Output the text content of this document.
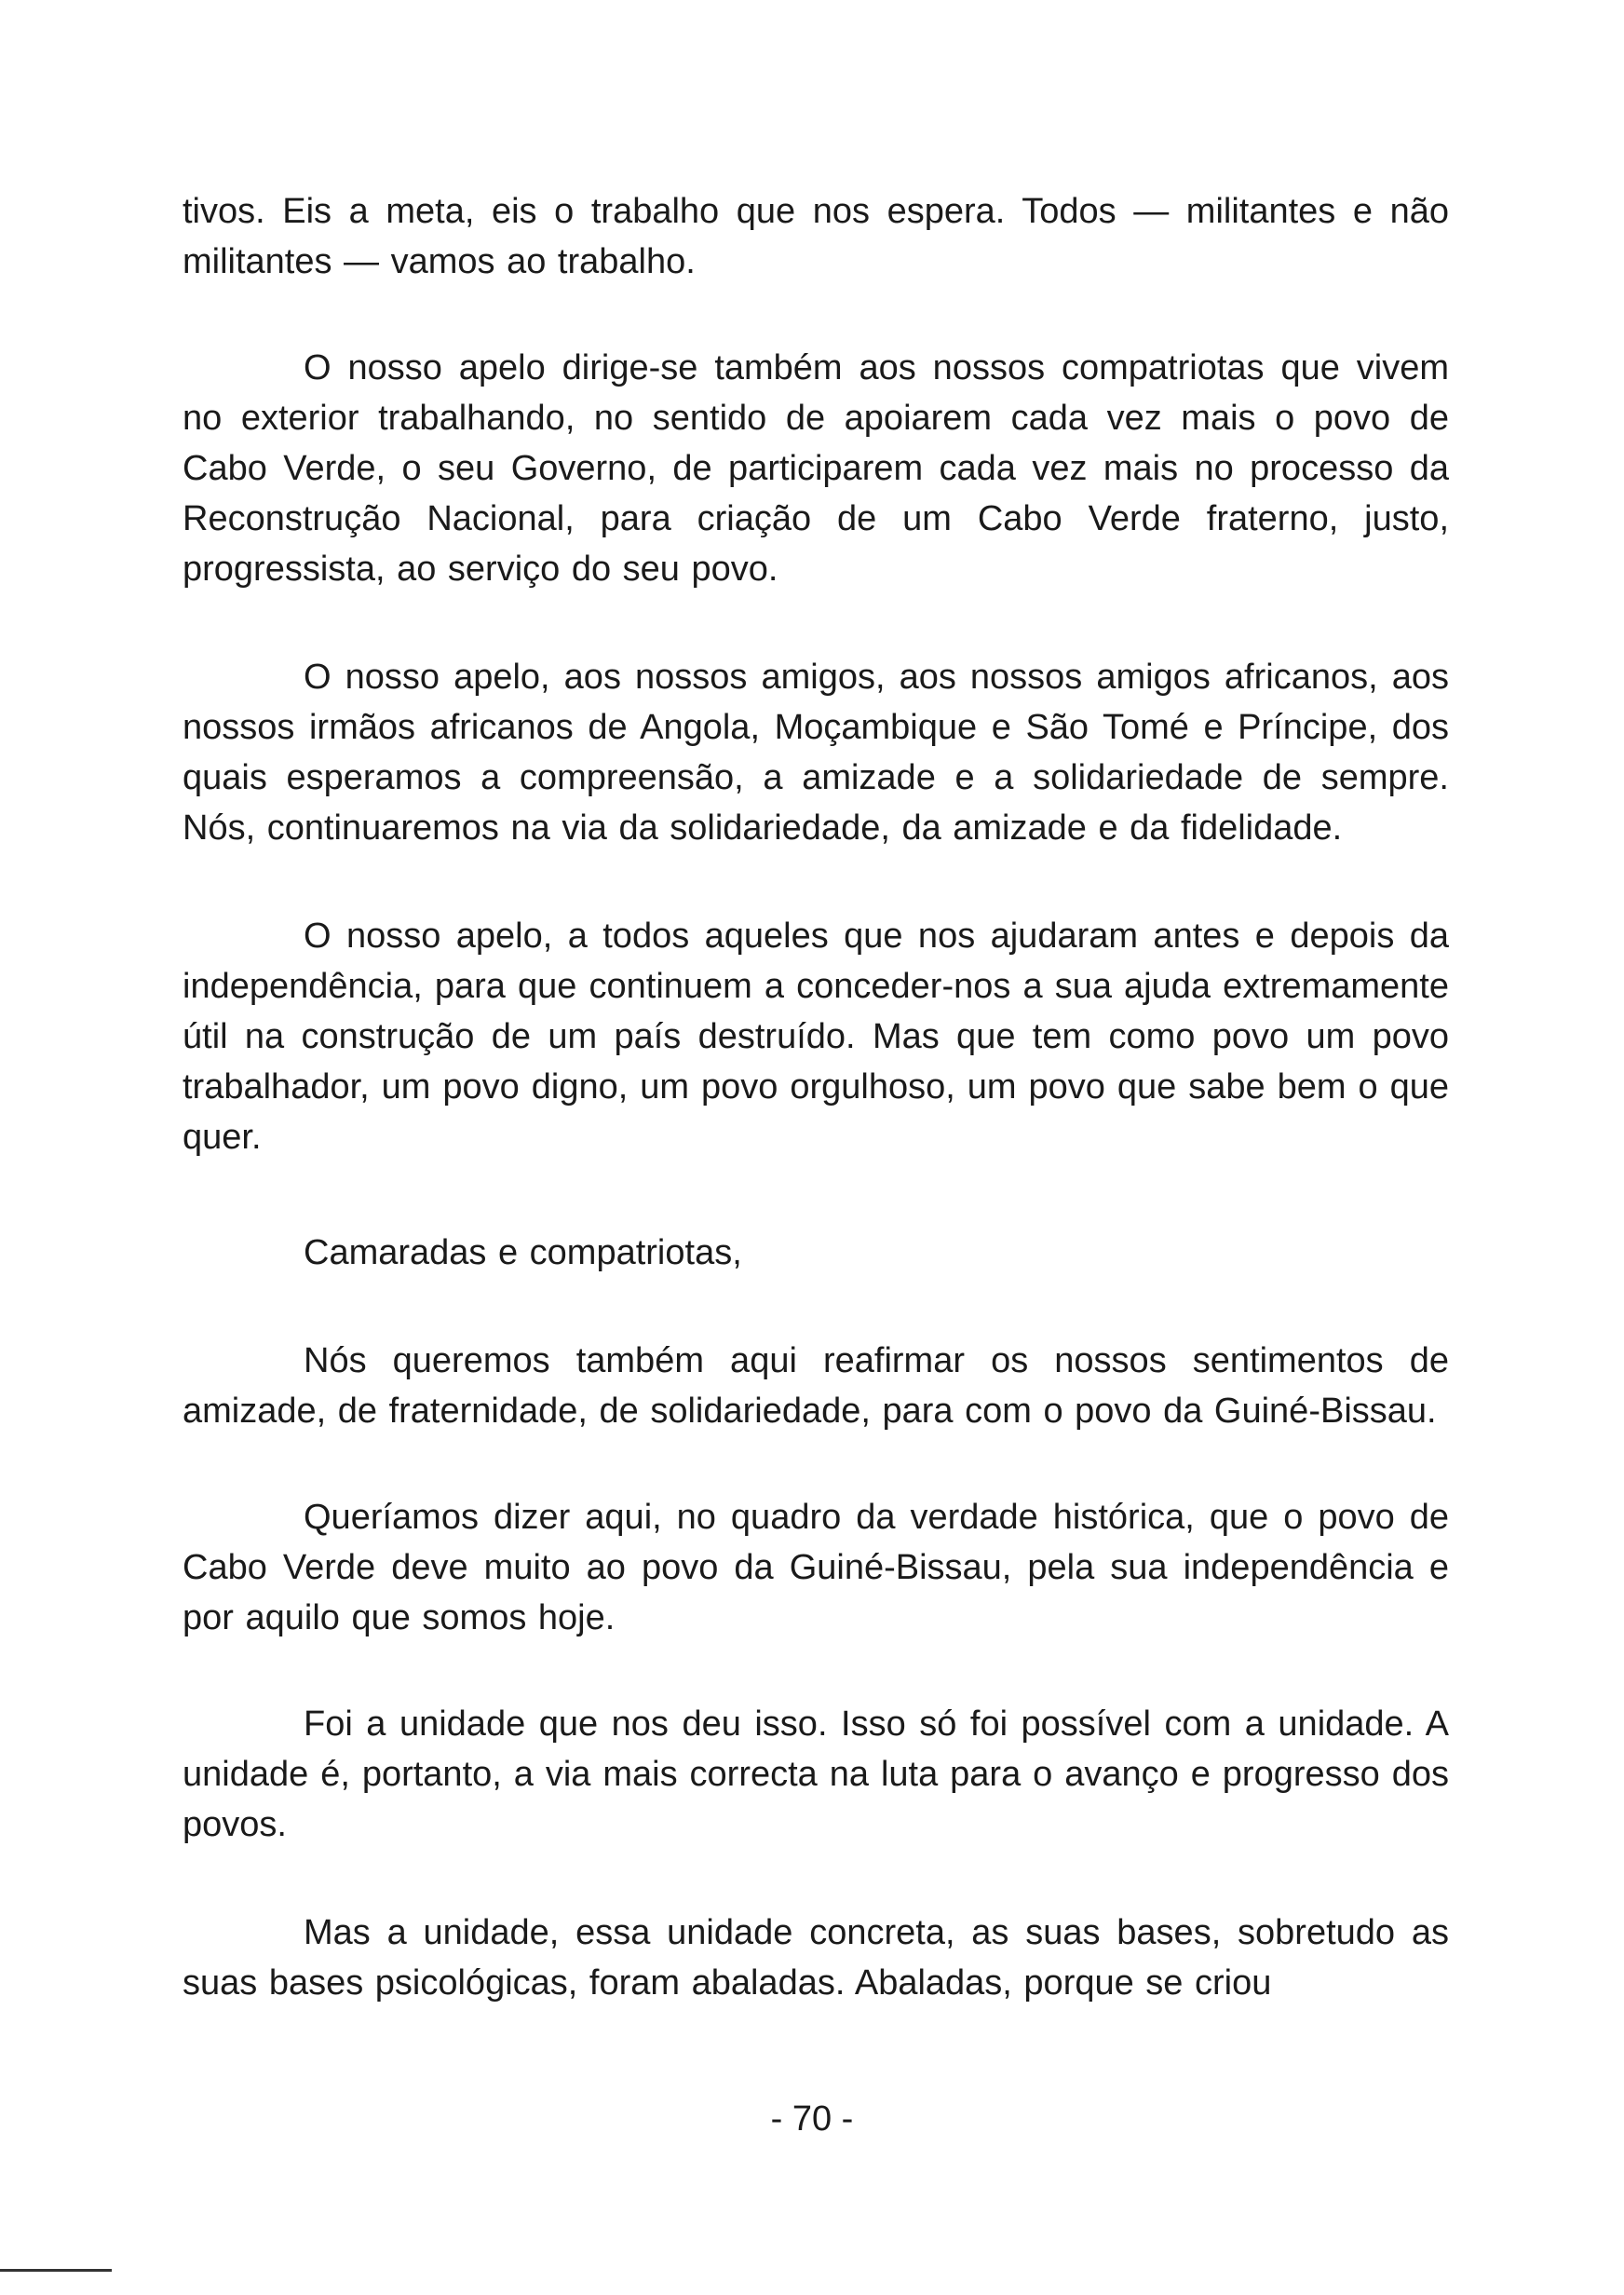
tivos. Eis a meta, eis o trabalho que nos espera. Todos — militantes e não militantes — vamos ao trabalho.

O nosso apelo dirige-se também aos nossos compatriotas que vivem no exterior trabalhando, no sentido de apoiarem cada vez mais o povo de Cabo Verde, o seu Governo, de participarem cada vez mais no processo da Reconstrução Nacional, para criação de um Cabo Verde fraterno, justo, progressista, ao serviço do seu povo.

O nosso apelo, aos nossos amigos, aos nossos amigos africanos, aos nossos irmãos africanos de Angola, Moçambique e São Tomé e Príncipe, dos quais esperamos a compreensão, a amizade e a solidariedade de sempre. Nós, continuaremos na via da solidariedade, da amizade e da fidelidade.

O nosso apelo, a todos aqueles que nos ajudaram antes e depois da independência, para que continuem a conceder-nos a sua ajuda extremamente útil na construção de um país destruído. Mas que tem como povo um povo trabalhador, um povo digno, um povo orgulhoso, um povo que sabe bem o que quer.

Camaradas e compatriotas,

Nós queremos também aqui reafirmar os nossos sentimentos de amizade, de fraternidade, de solidariedade, para com o povo da Guiné-Bissau.

Queríamos dizer aqui, no quadro da verdade histórica, que o povo de Cabo Verde deve muito ao povo da Guiné-Bissau, pela sua independência e por aquilo que somos hoje.

Foi a unidade que nos deu isso. Isso só foi possível com a unidade. A unidade é, portanto, a via mais correcta na luta para o avanço e progresso dos povos.

Mas a unidade, essa unidade concreta, as suas bases, sobretudo as suas bases psicológicas, foram abaladas. Abaladas, porque se criou

- 70 -
